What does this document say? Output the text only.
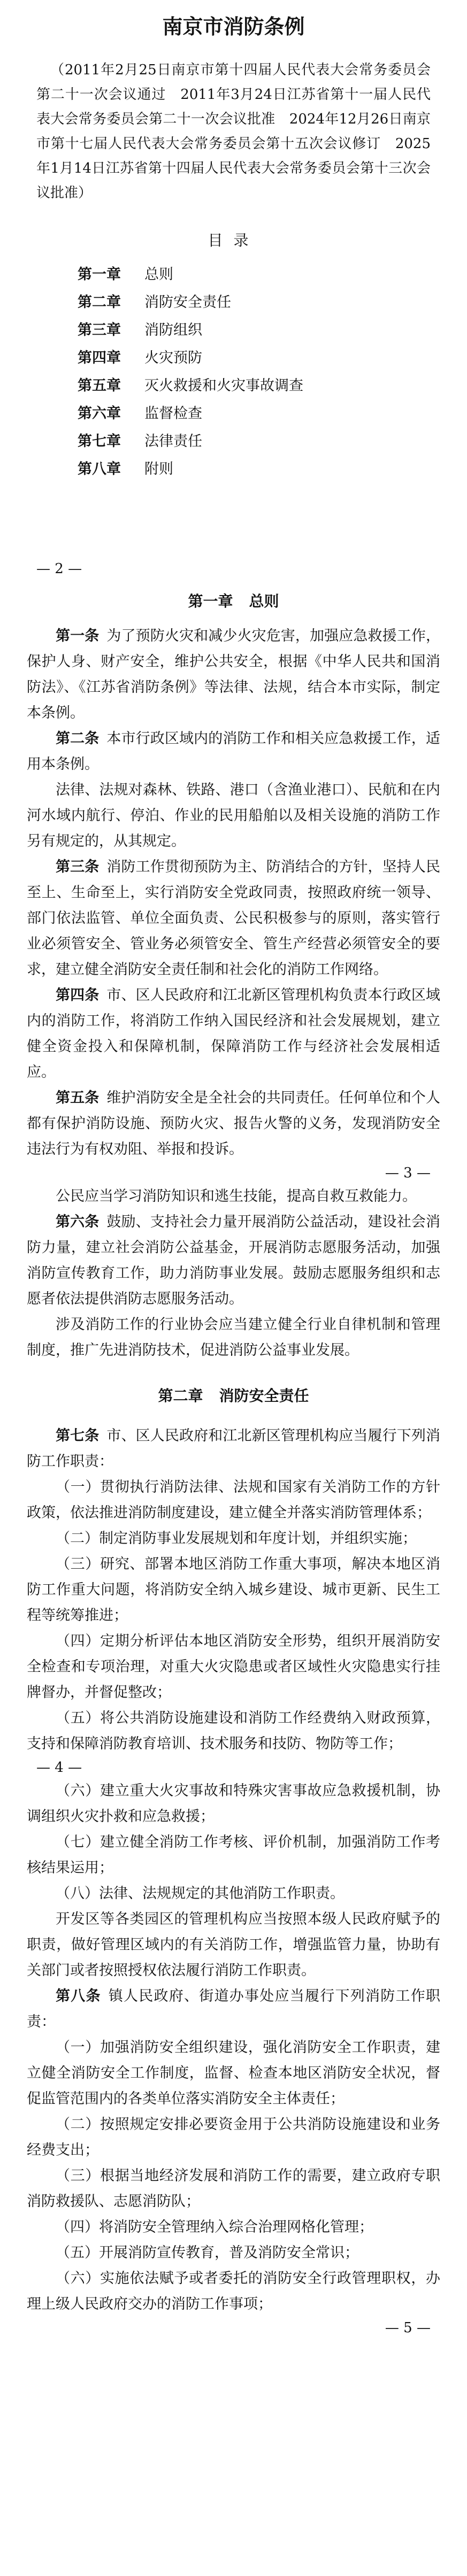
南京市消防条例
（2011年2月25日南京市第十四届人民代表大会常务委员会第二十一次会议通过　2011年3月24日江苏省第十一届人民代表大会常务委员会第二十一次会议批准　2024年12月26日南京市第十七届人民代表大会常务委员会第十五次会议修订　2025年1月14日江苏省第十四届人民代表大会常务委员会第十三次会议批准）
目录
第一章	总则
第二章	消防安全责任
第三章	消防组织
第四章	火灾预防
第五章	灭火救援和火灾事故调查
第六章	监督检查
第七章	法律责任
第八章	附则
— 2 —
第一章 总则

第一条 为了预防火灾和减少火灾危害，加强应急救援工作，保护人身、财产安全，维护公共安全，根据《中华人民共和国消防法》、《江苏省消防条例》等法律、法规，结合本市实际，制定本条例。

第二条 本市行政区域内的消防工作和相关应急救援工作，适用本条例。

法律、法规对森林、铁路、港口（含渔业港口）、民航和在内河水域内航行、停泊、作业的民用船舶以及相关设施的消防工作另有规定的，从其规定。

第三条 消防工作贯彻预防为主、防消结合的方针，坚持人民至上、生命至上，实行消防安全党政同责，按照政府统一领导、部门依法监管、单位全面负责、公民积极参与的原则，落实管行业必须管安全、管业务必须管安全、管生产经营必须管安全的要求，建立健全消防安全责任制和社会化的消防工作网络。

第四条 市、区人民政府和江北新区管理机构负责本行政区域内的消防工作，将消防工作纳入国民经济和社会发展规划，建立健全资金投入和保障机制，保障消防工作与经济社会发展相适应。

第五条 维护消防安全是全社会的共同责任。任何单位和个人都有保护消防设施、预防火灾、报告火警的义务，发现消防安全违法行为有权劝阻、举报和投诉。

— 3 —

公民应当学习消防知识和逃生技能，提高自救互救能力。

第六条 鼓励、支持社会力量开展消防公益活动，建设社会消防力量，建立社会消防公益基金，开展消防志愿服务活动，加强消防宣传教育工作，助力消防事业发展。鼓励志愿服务组织和志愿者依法提供消防志愿服务活动。

涉及消防工作的行业协会应当建立健全行业自律机制和管理制度，推广先进消防技术，促进消防公益事业发展。

第二章 消防安全责任

第七条 市、区人民政府和江北新区管理机构应当履行下列消防工作职责：

（一）贯彻执行消防法律、法规和国家有关消防工作的方针政策，依法推进消防制度建设，建立健全并落实消防管理体系；

（二）制定消防事业发展规划和年度计划，并组织实施；

（三）研究、部署本地区消防工作重大事项，解决本地区消防工作重大问题，将消防安全纳入城乡建设、城市更新、民生工程等统筹推进；

（四）定期分析评估本地区消防安全形势，组织开展消防安全检查和专项治理，对重大火灾隐患或者区域性火灾隐患实行挂牌督办，并督促整改；

（五）将公共消防设施建设和消防工作经费纳入财政预算，支持和保障消防教育培训、技术服务和技防、物防等工作；

— 4 —

（六）建立重大火灾事故和特殊灾害事故应急救援机制，协调组织火灾扑救和应急救援；

（七）建立健全消防工作考核、评价机制，加强消防工作考核结果运用；

（八）法律、法规规定的其他消防工作职责。

开发区等各类园区的管理机构应当按照本级人民政府赋予的职责，做好管理区域内的有关消防工作，增强监管力量，协助有关部门或者按照授权依法履行消防工作职责。

第八条 镇人民政府、街道办事处应当履行下列消防工作职责：

（一）加强消防安全组织建设，强化消防安全工作职责，建立健全消防安全工作制度，监督、检查本地区消防安全状况，督促监管范围内的各类单位落实消防安全主体责任；

（二）按照规定安排必要资金用于公共消防设施建设和业务经费支出；

（三）根据当地经济发展和消防工作的需要，建立政府专职消防救援队、志愿消防队；

（四）将消防安全管理纳入综合治理网格化管理；

（五）开展消防宣传教育，普及消防安全常识；

（六）实施依法赋予或者委托的消防安全行政管理职权，办理上级人民政府交办的消防工作事项；

— 5 —
